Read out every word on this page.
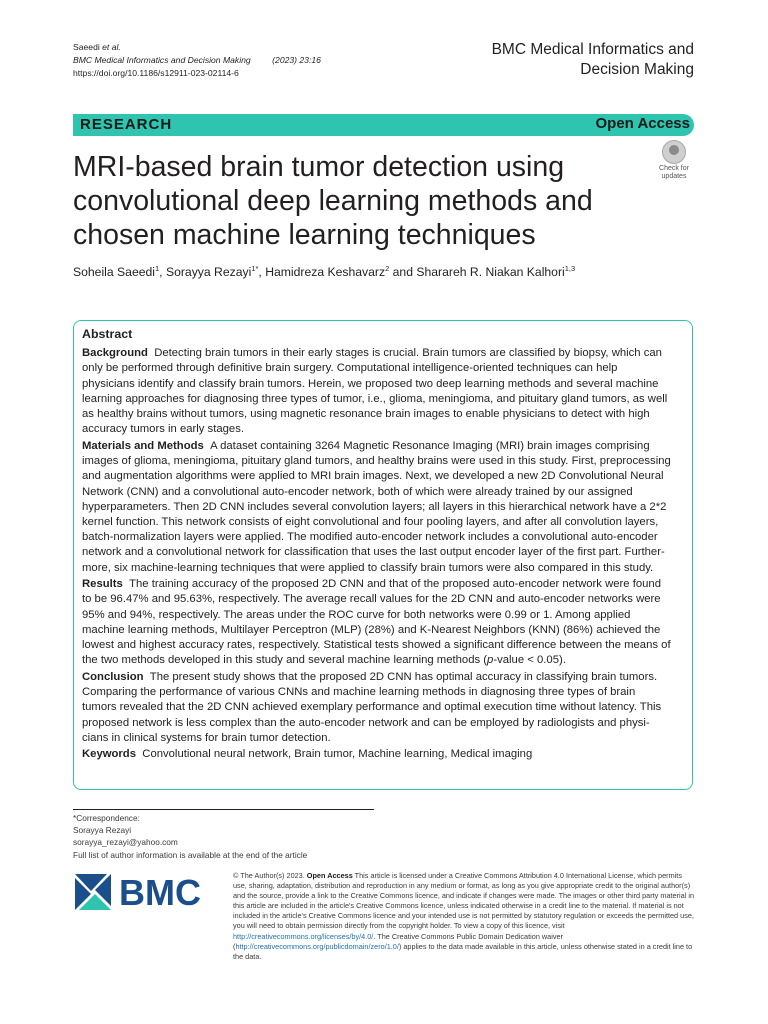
Saeedi et al.
BMC Medical Informatics and Decision Making	(2023) 23:16
https://doi.org/10.1186/s12911-023-02114-6
BMC Medical Informatics and
Decision Making
RESEARCH	Open Access
MRI-based brain tumor detection using convolutional deep learning methods and chosen machine learning techniques
Check for
updates
Soheila Saeedi$^1$, Sorayya Rezayi$^{1*}$, Hamidreza Keshavarz$^2$ and Sharareh R. Niakan Kalhori$^{1,3}$
Abstract

Background Detecting brain tumors in their early stages is crucial. Brain tumors are classified by biopsy, which can only be performed through definitive brain surgery. Computational intelligence-oriented techniques can help physicians identify and classify brain tumors. Herein, we proposed two deep learning methods and several machine learning approaches for diagnosing three types of tumor, i.e., glioma, meningioma, and pituitary gland tumors, as well as healthy brains without tumors, using magnetic resonance brain images to enable physicians to detect with high accuracy tumors in early stages.

Materials and Methods A dataset containing 3264 Magnetic Resonance Imaging (MRI) brain images comprising images of glioma, meningioma, pituitary gland tumors, and healthy brains were used in this study. First, preprocessing and augmentation algorithms were applied to MRI brain images. Next, we developed a new 2D Convolutional Neural Network (CNN) and a convolutional auto-encoder network, both of which were already trained by our assigned hyperparameters. Then 2D CNN includes several convolution layers; all layers in this hierarchical network have a 2*2 kernel function. This network consists of eight convolutional and four pooling layers, and after all convolution layers, batch-normalization layers were applied. The modified auto-encoder network includes a convolutional auto-encoder network and a convolutional network for classification that uses the last output encoder layer of the first part. Further-more, six machine-learning techniques that were applied to classify brain tumors were also compared in this study.

Results The training accuracy of the proposed 2D CNN and that of the proposed auto-encoder network were found to be 96.47% and 95.63%, respectively. The average recall values for the 2D CNN and auto-encoder networks were 95% and 94%, respectively. The areas under the ROC curve for both networks were 0.99 or 1. Among applied machine learning methods, Multilayer Perceptron (MLP) (28%) and K-Nearest Neighbors (KNN) (86%) achieved the lowest and highest accuracy rates, respectively. Statistical tests showed a significant difference between the means of the two methods developed in this study and several machine learning methods (p-value < 0.05).

Conclusion The present study shows that the proposed 2D CNN has optimal accuracy in classifying brain tumors. Comparing the performance of various CNNs and machine learning methods in diagnosing three types of brain tumors revealed that the 2D CNN achieved exemplary performance and optimal execution time without latency. This proposed network is less complex than the auto-encoder network and can be employed by radiologists and physi-cians in clinical systems for brain tumor detection.

Keywords Convolutional neural network, Brain tumor, Machine learning, Medical imaging

*Correspondence:
Sorayya Rezayi
sorayya_rezayi@yahoo.com
Full list of author information is available at the end of the article
BMC	© The Author(s) 2023. Open Access This article is licensed under a Creative Commons Attribution 4.0 International License, which permits use, sharing, adaptation, distribution and reproduction in any medium or format, as long as you give appropriate credit to the original author(s) and the source, provide a link to the Creative Commons licence, and indicate if changes were made. The images or other third party material in this article are included in the article's Creative Commons licence, unless indicated otherwise in a credit line to the material. If material is not included in the article's Creative Commons licence and your intended use is not permitted by statutory regulation or exceeds the permitted use, you will need to obtain permission directly from the copyright holder. To view a copy of this licence, visit http://creativecommons.org/licenses/by/4.0/. The Creative Commons Public Domain Dedication waiver (http://creativecommons.org/publicdomain/zero/1.0/) applies to the data made available in this article, unless otherwise stated in a credit line to the data.
